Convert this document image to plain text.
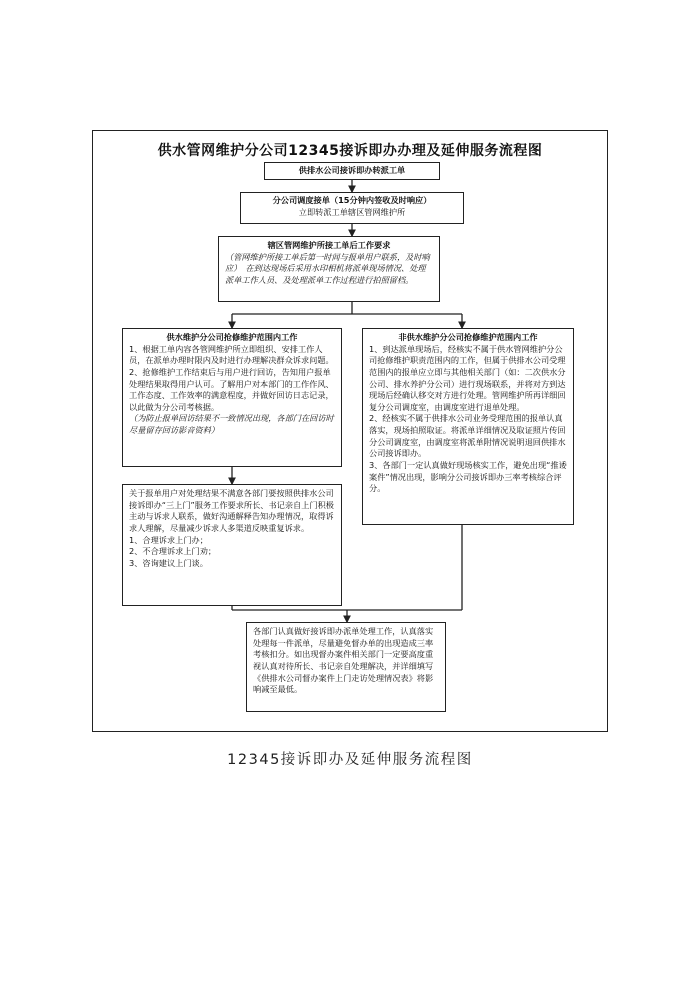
供水管网维护分公司12345接诉即办办理及延伸服务流程图
供排水公司接诉即办转派工单

分公司调度接单（15分钟内签收及时响应）

立即转派工单辖区管网维护所

辖区管网维护所接工单后工作要求

（管网维护所接工单后第一时间与报单用户联系，及时响应）　在到达现场后采用水印相机将派单现场情况、处理派单工作人员、及处理派单工作过程进行拍照留档。

供水维护分公司抢修维护范围内工作

1、根据工单内容各管网维护所立即组织、安排工作人员，在派单办理时限内及时进行办理解决群众诉求问题。

2、抢修维护工作结束后与用户进行回访，告知用户报单处理结果取得用户认可。了解用户对本部门的工作作风、工作态度、工作效率的满意程度，并做好回访日志记录，以此做为分公司考核据。

（为防止报单回访结果不一致情况出现，各部门在回访时尽量留存回访影音资料）

非供水维护分公司抢修维护范围内工作

1、到达派单现场后，经核实不属于供水管网维护分公司抢修维护职责范围内的工作，但属于供排水公司受理范围内的报单应立即与其他相关部门（如：二次供水分公司、排水养护分公司）进行现场联系，并将对方到达现场后经确认移交对方进行处理。管网维护所再详细回复分公司调度室，由调度室进行退单处理。

2、经核实不属于供排水公司业务受理范围的报单认真落实，现场拍照取证。将派单详细情况及取证照片传回分公司调度室，由调度室将派单附情况说明退回供排水公司接诉即办。

3、各部门一定认真做好现场核实工作，避免出现“推诿案件”情况出现，影响分公司接诉即办三率考核综合评分。

关于报单用户对处理结果不满意各部门要按照供排水公司接诉即办“三上门”服务工作要求所长、书记亲自上门积极主动与诉求人联系，做好沟通解释告知办理情况，取得诉求人理解，尽量减少诉求人多渠道反映重复诉求。

1、合理诉求上门办；

2、不合理诉求上门劝；

3、咨询建议上门谈。

各部门认真做好接诉即办派单处理工作，认真落实处理每一件派单，尽量避免督办单的出现造成三率考核扣分。如出现督办案件相关部门一定要高度重视认真对待所长、书记亲自处理解决，并详细填写《供排水公司督办案件上门走访处理情况表》将影响减至最低。

12345接诉即办及延伸服务流程图
